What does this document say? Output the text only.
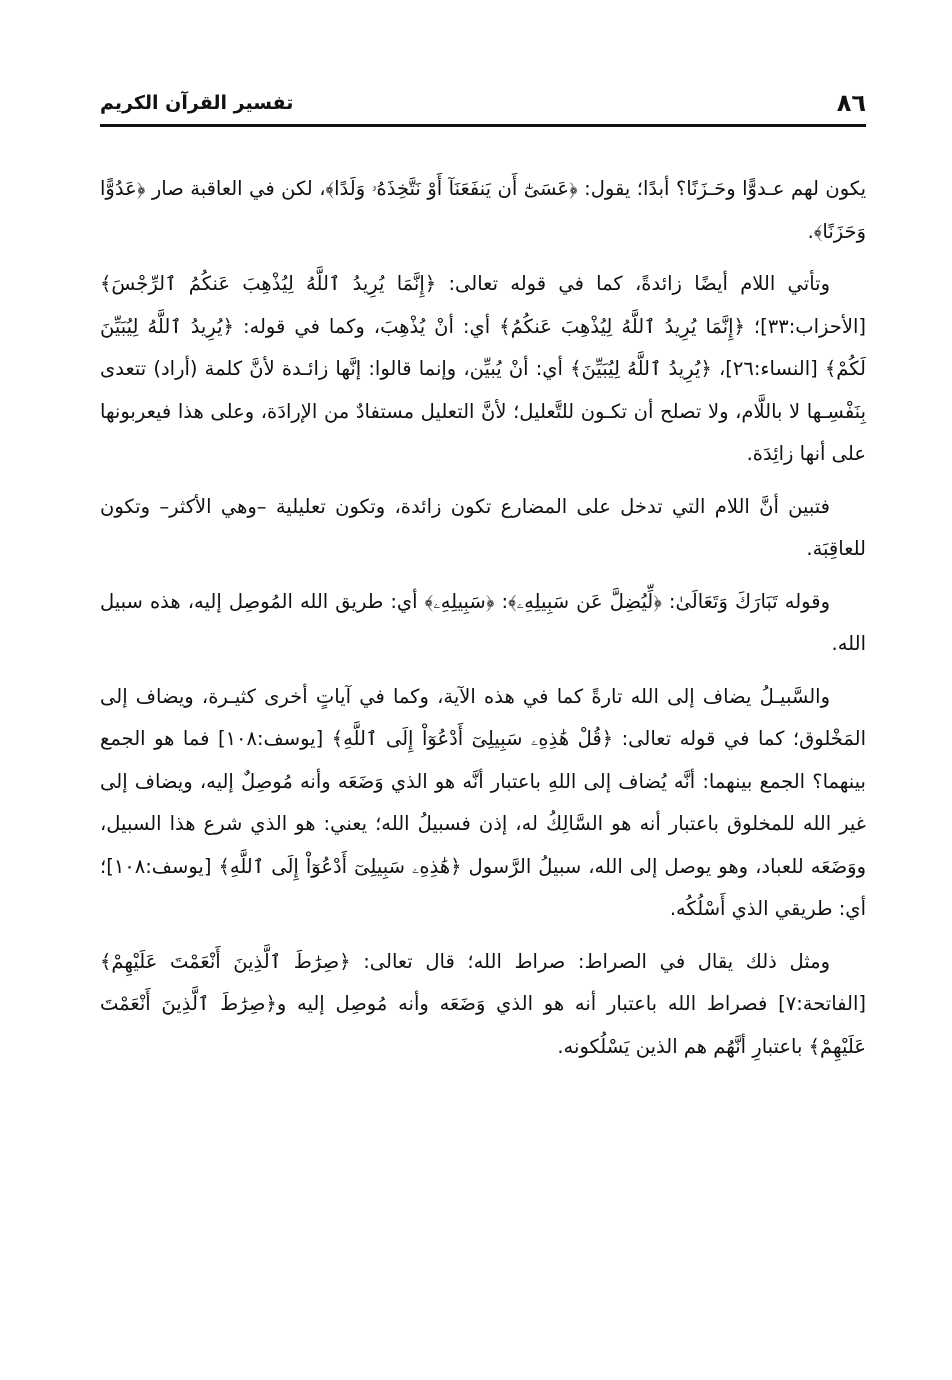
٨٦
تفسير القرآن الكريم

يكون لهم عـدوًّا وحَـزَنًا؟ أبدًا؛ يقول: ﴿عَسَىٰٓ أَن يَنفَعَنَآ أَوْ نَتَّخِذَهُۥ وَلَدًا﴾، لكن في العاقبة صار ﴿عَدُوًّا وَحَزَنًا﴾.

وتأتي اللام أيضًا زائدةً، كما في قوله تعالى: ﴿إِنَّمَا يُرِيدُ ٱللَّهُ لِيُذْهِبَ عَنكُمُ ٱلرِّجْسَ﴾ [الأحزاب:٣٣]؛ ﴿إِنَّمَا يُرِيدُ ٱللَّهُ لِيُذْهِبَ عَنكُمُ﴾ أي: أنْ يُذْهِبَ، وكما في قوله: ﴿يُرِيدُ ٱللَّهُ لِيُبَيِّنَ لَكُمْ﴾ [النساء:٢٦]، ﴿يُرِيدُ ٱللَّهُ لِيُبَيِّنَ﴾ أي: أنْ يُبيِّن، وإنما قالوا: إنَّها زائـدة لأنَّ كلمة (أراد) تتعدى بِنَفْسِـها لا باللَّام، ولا تصلح أن تكـون للتَّعليل؛ لأنَّ التعليل مستفادٌ من الإرادَة، وعلى هذا فيعربونها على أنها زائِدَة.

فتبين أنَّ اللام التي تدخل على المضارع تكون زائدة، وتكون تعليلية –وهي الأكثر– وتكون للعاقِبَة.

وقوله تَبَارَكَ وَتَعَالَىٰ: ﴿لِّيُضِلَّ عَن سَبِيلِهِۦ﴾: ﴿سَبِيلِهِۦ﴾ أي: طريق الله المُوصِل إليه، هذه سبيل الله.

والسَّبيـلُ يضاف إلى الله تارةً كما في هذه الآية، وكما في آياتٍ أخرى كثيـرة، ويضاف إلى المَخْلوق؛ كما في قوله تعالى: ﴿قُلْ هَٰذِهِۦ سَبِيلِىٓ أَدْعُوٓاْ إِلَى ٱللَّهِ﴾ [يوسف:١٠٨] فما هو الجمع بينهما؟ الجمع بينهما: أنَّه يُضاف إلى اللهِ باعتبار أنَّه هو الذي وَضَعَه وأنه مُوصِلٌ إليه، ويضاف إلى غير الله للمخلوق باعتبار أنه هو السَّالِكُ له، إذن فسبيلُ الله؛ يعني: هو الذي شرع هذا السبيل، ووَضَعَه للعباد، وهو يوصل إلى الله، سبيلُ الرَّسول ﴿هَٰذِهِۦ سَبِيلِىٓ أَدْعُوٓاْ إِلَى ٱللَّهِ﴾ [يوسف:١٠٨]؛ أي: طريقي الذي أَسْلُكُه.

ومثل ذلك يقال في الصراط: صراط الله؛ قال تعالى: ﴿صِرَٰطَ ٱلَّذِينَ أَنْعَمْتَ عَلَيْهِمْ﴾ [الفاتحة:٧] فصراط الله باعتبار أنه هو الذي وَضَعَه وأنه مُوصِل إليه و﴿صِرَٰطَ ٱلَّذِينَ أَنْعَمْتَ عَلَيْهِمْ﴾ باعتبارِ أنَّهُم هم الذين يَسْلُكونه.
